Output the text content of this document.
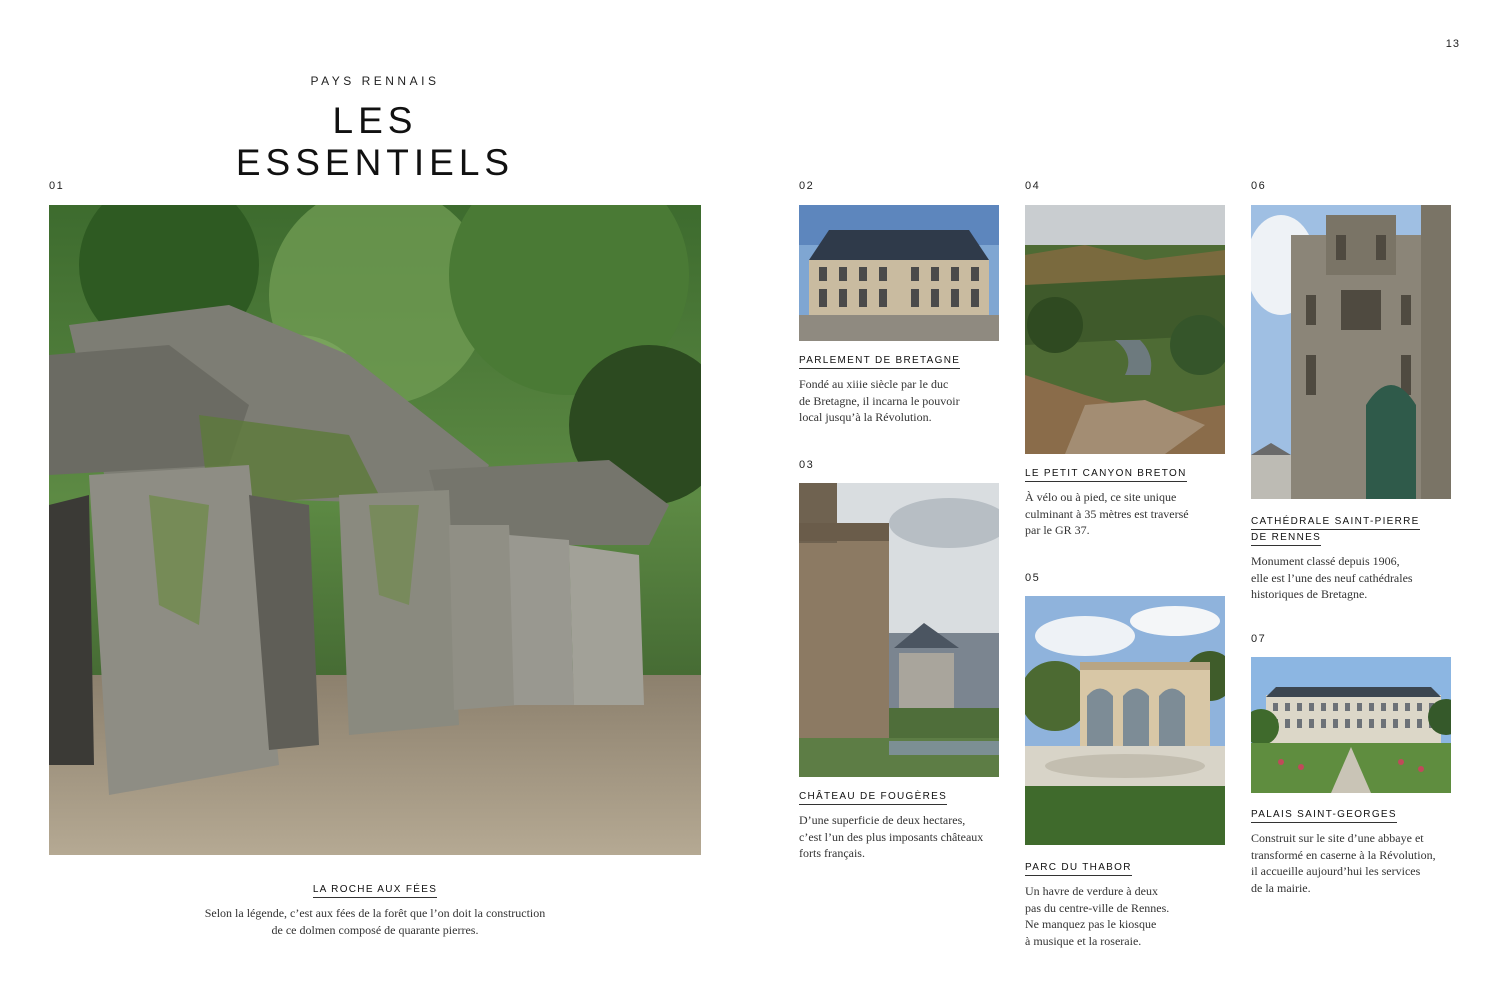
13
PAYS RENNAIS
LES ESSENTIELS
01
LA ROCHE AUX FÉES
Selon la légende, c’est aux fées de la forêt que l’on doit la construction
de ce dolmen composé de quarante pierres.
02
PARLEMENT DE BRETAGNE
Fondé au xiiie siècle par le duc
de Bretagne, il incarna le pouvoir
local jusqu’à la Révolution.
03
CHÂTEAU DE FOUGÈRES
D’une superficie de deux hectares,
c’est l’un des plus imposants châteaux
forts français.
04
LE PETIT CANYON BRETON
À vélo ou à pied, ce site unique
culminant à 35 mètres est traversé
par le GR 37.
05
PARC DU THABOR
Un havre de verdure à deux
pas du centre-ville de Rennes.
Ne manquez pas le kiosque
à musique et la roseraie.
06
CATHÉDRALE SAINT-PIERRE
DE RENNES
Monument classé depuis 1906,
elle est l’une des neuf cathédrales
historiques de Bretagne.
07
PALAIS SAINT-GEORGES
Construit sur le site d’une abbaye et
transformé en caserne à la Révolution,
il accueille aujourd’hui les services
de la mairie.
